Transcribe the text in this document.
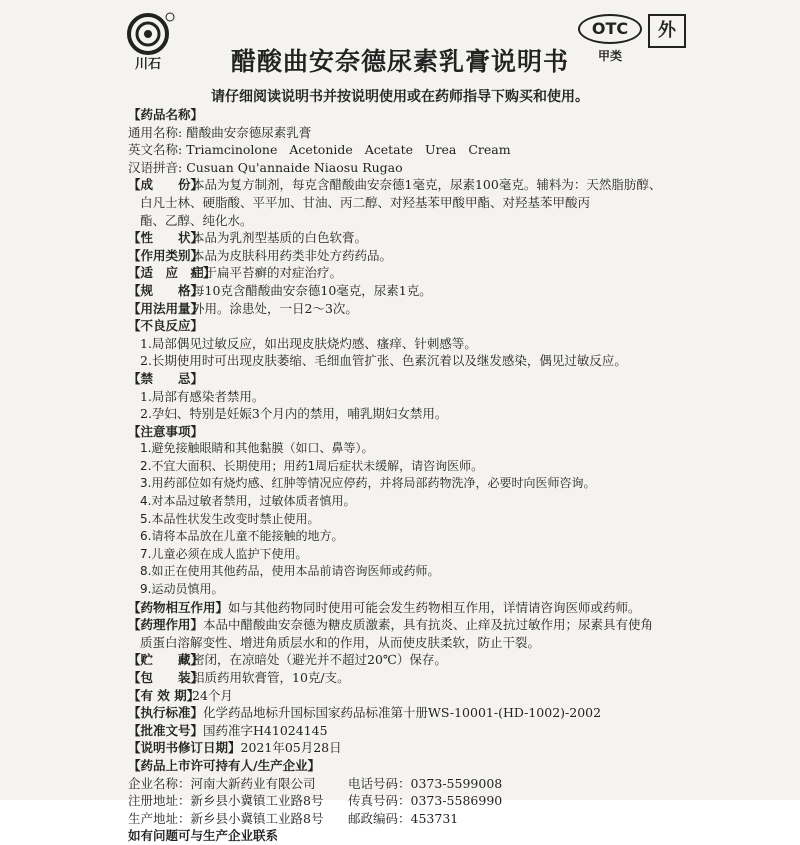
川石
OTC
甲类
外
醋酸曲安奈德尿素乳膏说明书
请仔细阅读说明书并按说明使用或在药师指导下购买和使用。
【药品名称】
通用名称: 醋酸曲安奈德尿素乳膏
英文名称: Triamcinolone Acetonide Acetate Urea Cream
汉语拼音: Cusuan Qu'annaide Niaosu Rugao
【成　　份】本品为复方制剂，每克含醋酸曲安奈德1毫克，尿素100毫克。辅料为：天然脂肪醇、
白凡士林、硬脂酸、平平加、甘油、丙二醇、对羟基苯甲酸甲酯、对羟基苯甲酸丙
酯、乙醇、纯化水。
【性　　状】本品为乳剂型基质的白色软膏。
【作用类别】本品为皮肤科用药类非处方药药品。
【适　应　症】用于扁平苔癣的对症治疗。
【规　　格】每10克含醋酸曲安奈德10毫克，尿素1克。
【用法用量】外用。涂患处，一日2～3次。
【不良反应】
1.局部偶见过敏反应，如出现皮肤烧灼感、瘙痒、针刺感等。
2.长期使用时可出现皮肤萎缩、毛细血管扩张、色素沉着以及继发感染，偶见过敏反应。
【禁　　忌】
1.局部有感染者禁用。
2.孕妇、特别是妊娠3个月内的禁用，哺乳期妇女禁用。
【注意事项】
1.避免接触眼睛和其他黏膜（如口、鼻等）。
2.不宜大面积、长期使用；用药1周后症状未缓解，请咨询医师。
3.用药部位如有烧灼感、红肿等情况应停药，并将局部药物洗净，必要时向医师咨询。
4.对本品过敏者禁用，过敏体质者慎用。
5.本品性状发生改变时禁止使用。
6.请将本品放在儿童不能接触的地方。
7.儿童必须在成人监护下使用。
8.如正在使用其他药品，使用本品前请咨询医师或药师。
9.运动员慎用。
【药物相互作用】如与其他药物同时使用可能会发生药物相互作用，详情请咨询医师或药师。
【药理作用】本品中醋酸曲安奈德为糖皮质激素，具有抗炎、止痒及抗过敏作用；尿素具有使角
质蛋白溶解变性、增进角质层水和的作用，从而使皮肤柔软，防止干裂。
【贮　　藏】密闭，在凉暗处（避光并不超过20℃）保存。
【包　　装】铝质药用软膏管，10克/支。
【有 效 期】24个月
【执行标准】化学药品地标升国标国家药品标准第十册WS-10001-(HD-1002)-2002
【批准文号】国药准字H41024145
【说明书修订日期】2021年05月28日
【药品上市许可持有人/生产企业】
企业名称：河南大新药业有限公司	电话号码：0373-5599008
注册地址：新乡县小冀镇工业路8号	传真号码：0373-5586990
生产地址：新乡县小冀镇工业路8号	邮政编码：453731
如有问题可与生产企业联系
